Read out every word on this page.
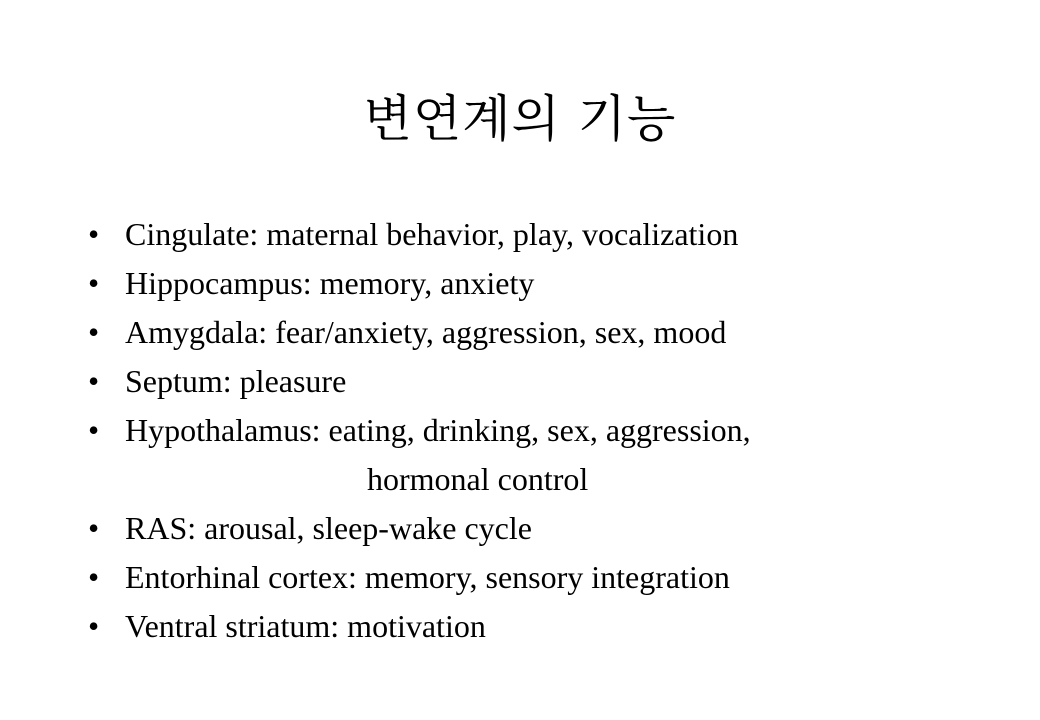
변연계의 기능
• Cingulate: maternal behavior, play, vocalization
• Hippocampus: memory, anxiety
• Amygdala: fear/anxiety, aggression, sex, mood
• Septum: pleasure
• Hypothalamus: eating, drinking, sex, aggression,
hormonal control
• RAS: arousal, sleep-wake cycle
• Entorhinal cortex: memory, sensory integration
• Ventral striatum: motivation
